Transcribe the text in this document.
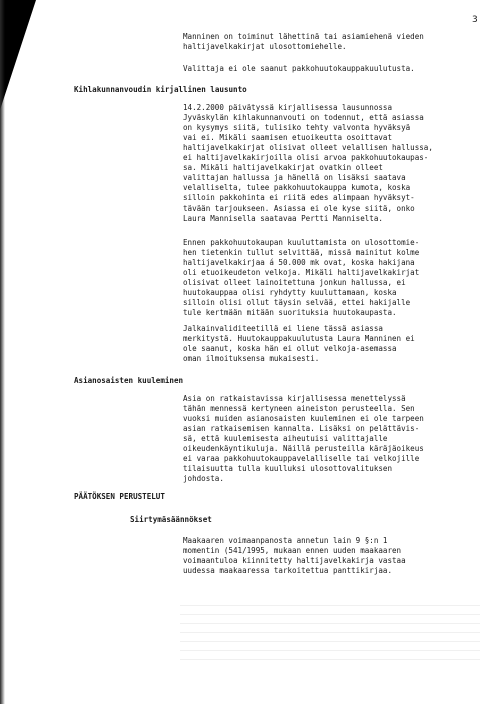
3
Manninen on toiminut lähettinä tai asiamiehenä vieden
haltijavelkakirjat ulosottomiehelle.
Valittaja ei ole saanut pakkohuutokauppakuulutusta.
14.2.2000 päivätyssä kirjallisessa lausunnossa
Jyväskylän kihlakunnanvouti on todennut, että asiassa
on kysymys siitä, tulisiko tehty valvonta hyväksyä
vai ei. Mikäli saamisen etuoikeutta osoittavat
haltijavelkakirjat olisivat olleet velallisen hallussa,
ei haltijavelkakirjoilla olisi arvoa pakkohuutokaupas-
sa. Mikäli haltijavelkakirjat ovatkin olleet
valittajan hallussa ja hänellä on lisäksi saatava
velalliselta, tulee pakkohuutokauppa kumota, koska
silloin pakkohinta ei riitä edes alimpaan hyväksyt-
tävään tarjoukseen. Asiassa ei ole kyse siitä, onko
Laura Mannisella saatavaa Pertti Manniselta.
Ennen pakkohuutokaupan kuuluttamista on ulosottomie-
hen tietenkin tullut selvittää, missä mainitut kolme
haltijavelkakirjaa á 50.000 mk ovat, koska hakijana
oli etuoikeudeton velkoja. Mikäli haltijavelkakirjat
olisivat olleet lainoitettuna jonkun hallussa, ei
huutokauppaa olisi ryhdytty kuuluttamaan, koska
silloin olisi ollut täysin selvää, ettei hakijalle
tule kertmään mitään suorituksia huutokaupasta.
Jalkainvaliditeetillä ei liene tässä asiassa
merkitystä. Huutokauppakuulutusta Laura Manninen ei
ole saanut, koska hän ei ollut velkoja-asemassa
oman ilmoituksensa mukaisesti.
Asia on ratkaistavissa kirjallisessa menettelyssä
tähän mennessä kertyneen aineiston perusteella. Sen
vuoksi muiden asianosaisten kuuleminen ei ole tarpeen
asian ratkaisemisen kannalta. Lisäksi on pelättävis-
sä, että kuulemisesta aiheutuisi valittajalle
oikeudenkäyntikuluja. Näillä perusteilla käräjäoikeus
ei varaa pakkohuutokauppavelalliselle tai velkojille
tilaisuutta tulla kuulluksi ulosottovalituksen
johdosta.
Maakaaren voimaanpanosta annetun lain 9 §:n 1
momentin (541/1995, mukaan ennen uuden maakaaren
voimaantuloa kiinnitetty haltijavelkakirja vastaa
uudessa maakaaressa tarkoitettua panttikirjaa.
Kihlakunnanvoudin kirjallinen lausunto
Asianosaisten kuuleminen
PÄÄTÖKSEN PERUSTELUT
Siirtymäsäännökset
